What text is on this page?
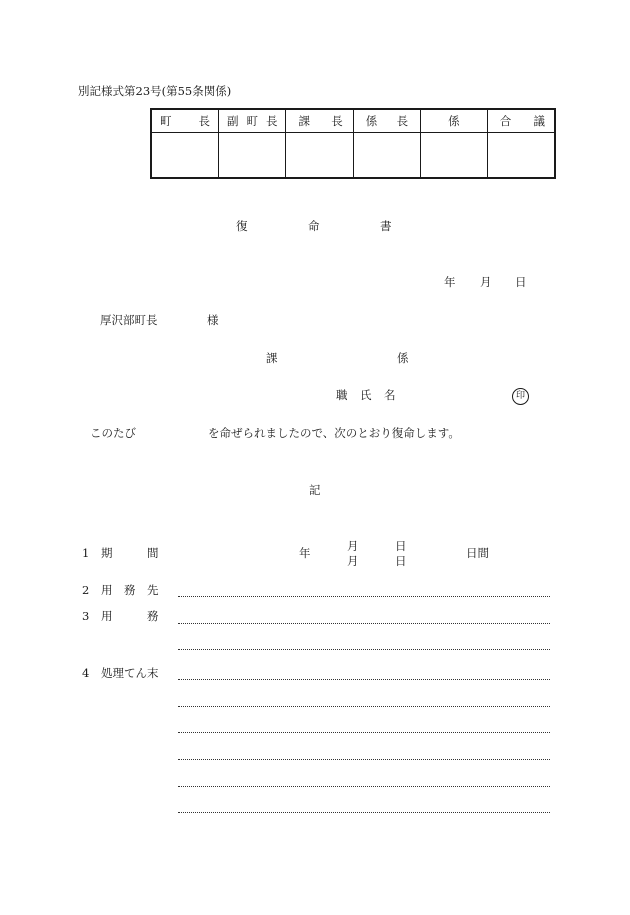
別記様式第23号(第55条関係)
町 長	副 町 長	課 長	係 長	係	合 議

復	命	書
年 月 日
厚沢部町長	様
課	係
職 氏 名	印
このたび	を命ぜられましたので、次のとおり復命します。
記
1 期	間	年	月	日
月	日
日間
2 用 務 先
3 用	務
4 処理てん末
